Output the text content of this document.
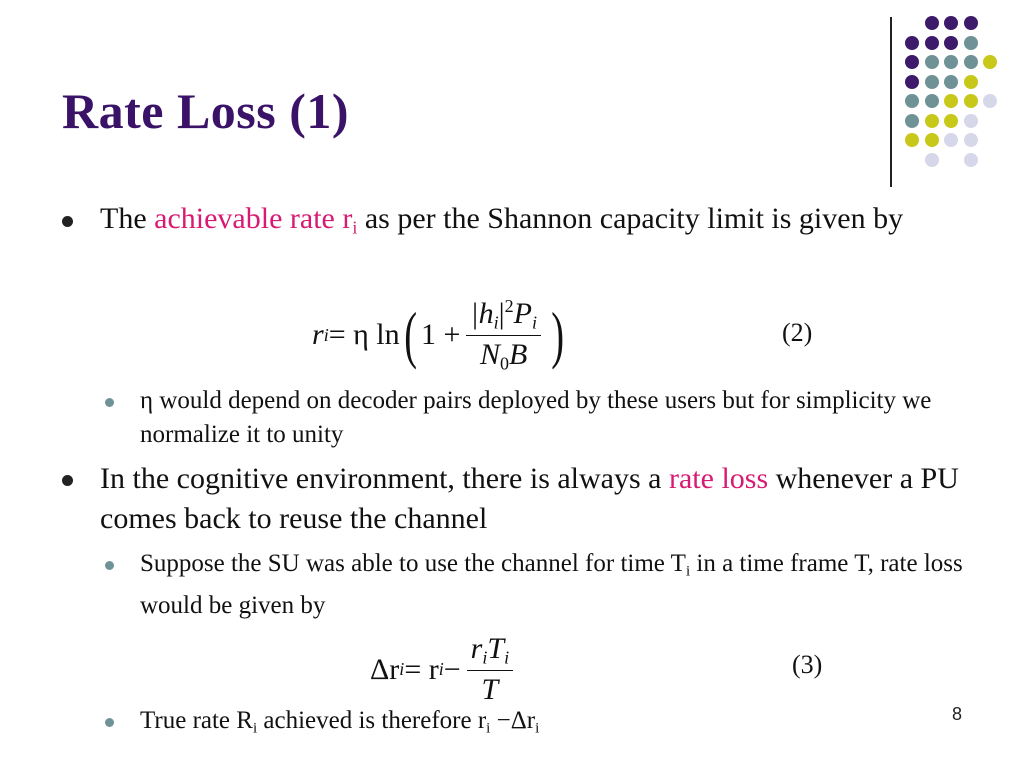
Rate Loss (1)
The achievable rate $r_i$ as per the Shannon capacity limit is given by
r i = η ln ( $1 + \frac{|h_i|^2P_i}{N_0B}$ )	(2)
η would depend on decoder pairs deployed by these users but for simplicity we normalize it to unity
In the cognitive environment, there is always a rate loss whenever a PU comes back to reuse the channel
Suppose the SU was able to use the channel for time $T_i$ in a time frame T, rate loss would be given by
Δr i = r $i - \frac{r_iT_i}{T}$	(3)
True rate $R_i$ achieved is therefore $r_i -\Delta r_i$
8
